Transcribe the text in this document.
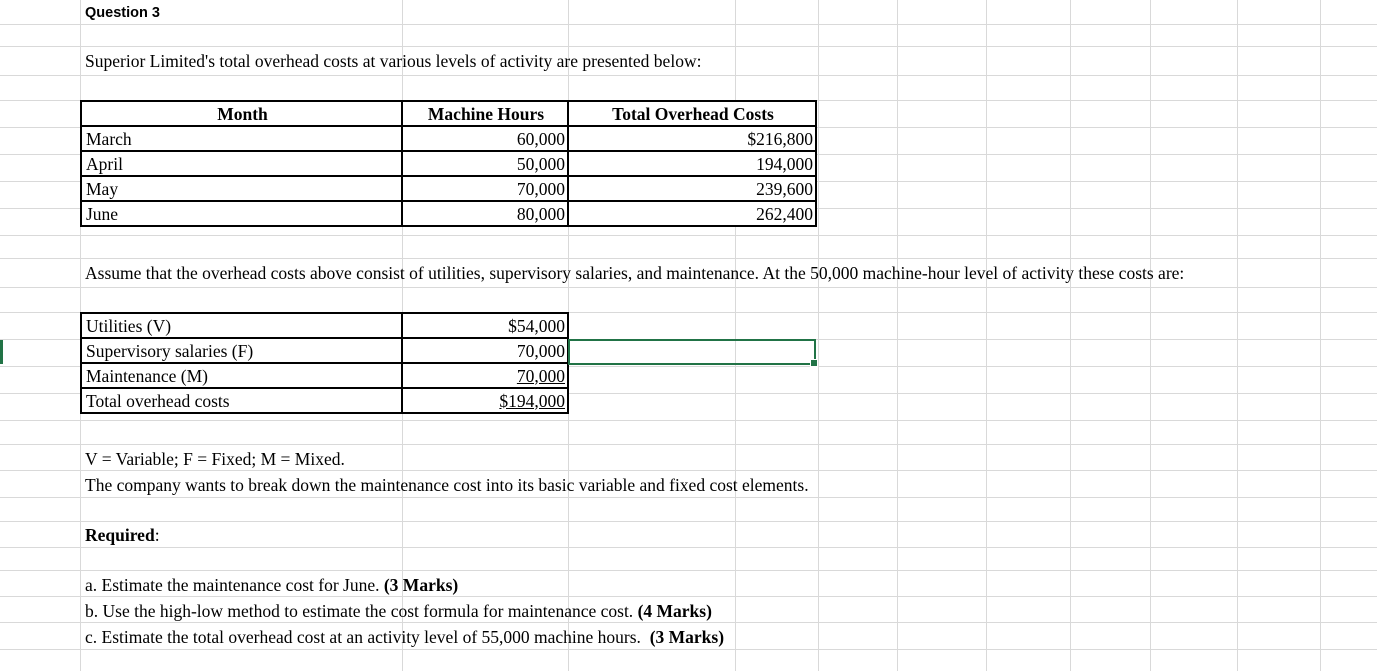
Question 3
Superior Limited's total overhead costs at various levels of activity are presented below:
Month	Machine Hours	Total Overhead Costs
March	60,000	$216,800
April	50,000	194,000
May	70,000	239,600
June	80,000	262,400
Assume that the overhead costs above consist of utilities, supervisory salaries, and maintenance. At the 50,000 machine-hour level of activity these costs are:
Utilities (V)	$54,000
Supervisory salaries (F)	70,000
Maintenance (M)	70,000
Total overhead costs	$194,000
V = Variable; F = Fixed; M = Mixed.
The company wants to break down the maintenance cost into its basic variable and fixed cost elements.
Required:
a. Estimate the maintenance cost for June. (3 Marks)
b. Use the high-low method to estimate the cost formula for maintenance cost. (4 Marks)
c. Estimate the total overhead cost at an activity level of 55,000 machine hours.  (3 Marks)
